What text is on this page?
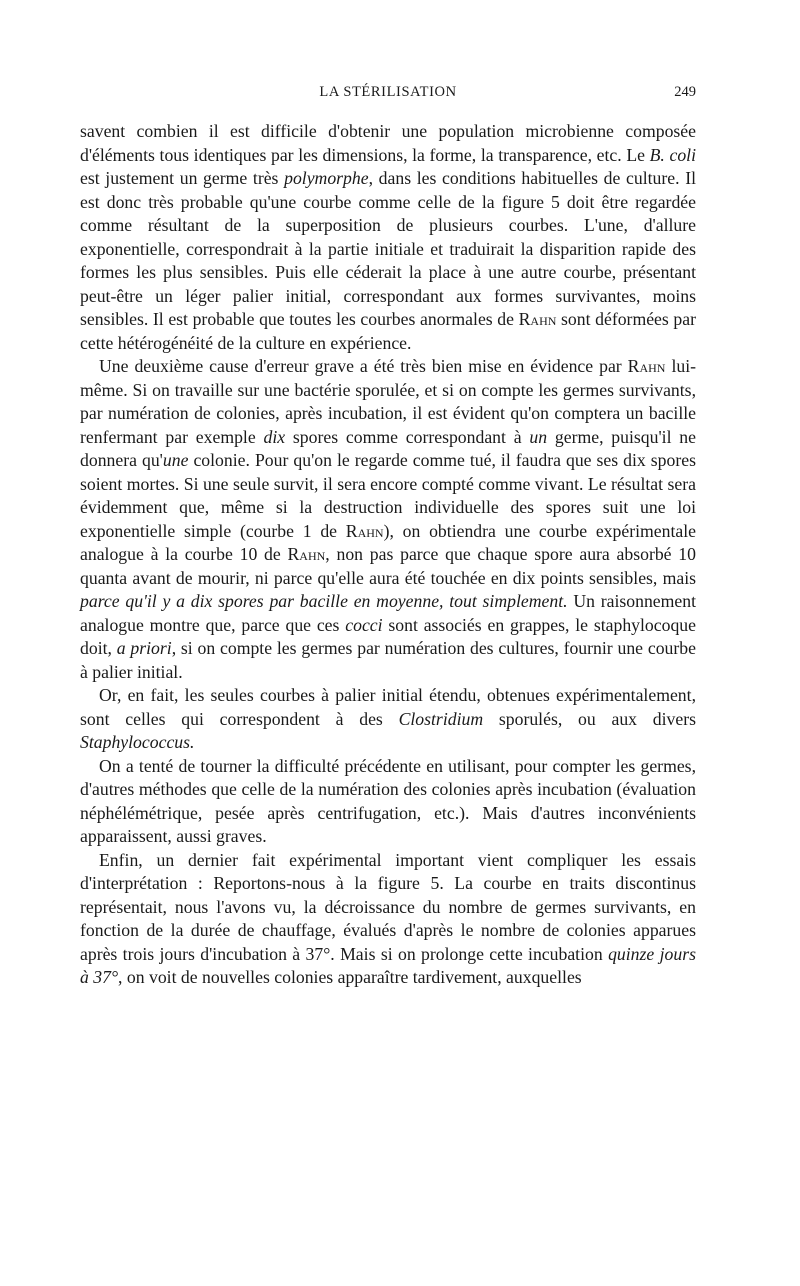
LA STÉRILISATION	249

savent combien il est difficile d'obtenir une population microbienne composée d'éléments tous identiques par les dimensions, la forme, la transparence, etc. Le B. coli est justement un germe très polymorphe, dans les conditions habituelles de culture. Il est donc très probable qu'une courbe comme celle de la figure 5 doit être regardée comme résultant de la superposition de plusieurs courbes. L'une, d'allure exponentielle, correspondrait à la partie initiale et traduirait la disparition rapide des formes les plus sensibles. Puis elle céderait la place à une autre courbe, présentant peut-être un léger palier initial, correspondant aux formes survivantes, moins sensibles. Il est probable que toutes les courbes anormales de Rahn sont déformées par cette hétérogénéité de la culture en expérience.

Une deuxième cause d'erreur grave a été très bien mise en évidence par Rahn lui-même. Si on travaille sur une bactérie sporulée, et si on compte les germes survivants, par numération de colonies, après incubation, il est évident qu'on comptera un bacille renfermant par exemple dix spores comme correspondant à un germe, puisqu'il ne donnera qu'une colonie. Pour qu'on le regarde comme tué, il faudra que ses dix spores soient mortes. Si une seule survit, il sera encore compté comme vivant. Le résultat sera évidemment que, même si la destruction individuelle des spores suit une loi exponentielle simple (courbe 1 de Rahn), on obtiendra une courbe expérimentale analogue à la courbe 10 de Rahn, non pas parce que chaque spore aura absorbé 10 quanta avant de mourir, ni parce qu'elle aura été touchée en dix points sensibles, mais parce qu'il y a dix spores par bacille en moyenne, tout simplement. Un raisonnement analogue montre que, parce que ces cocci sont associés en grappes, le staphylocoque doit, a priori, si on compte les germes par numération des cultures, fournir une courbe à palier initial.

Or, en fait, les seules courbes à palier initial étendu, obtenues expérimentalement, sont celles qui correspondent à des Clostridium sporulés, ou aux divers Staphylococcus.

On a tenté de tourner la difficulté précédente en utilisant, pour compter les germes, d'autres méthodes que celle de la numération des colonies après incubation (évaluation néphélémétrique, pesée après centrifugation, etc.). Mais d'autres inconvénients apparaissent, aussi graves.

Enfin, un dernier fait expérimental important vient compliquer les essais d'interprétation : Reportons-nous à la figure 5. La courbe en traits discontinus représentait, nous l'avons vu, la décroissance du nombre de germes survivants, en fonction de la durée de chauffage, évalués d'après le nombre de colonies apparues après trois jours d'incubation à 37°. Mais si on prolonge cette incubation quinze jours à 37°, on voit de nouvelles colonies apparaître tardivement, auxquelles
